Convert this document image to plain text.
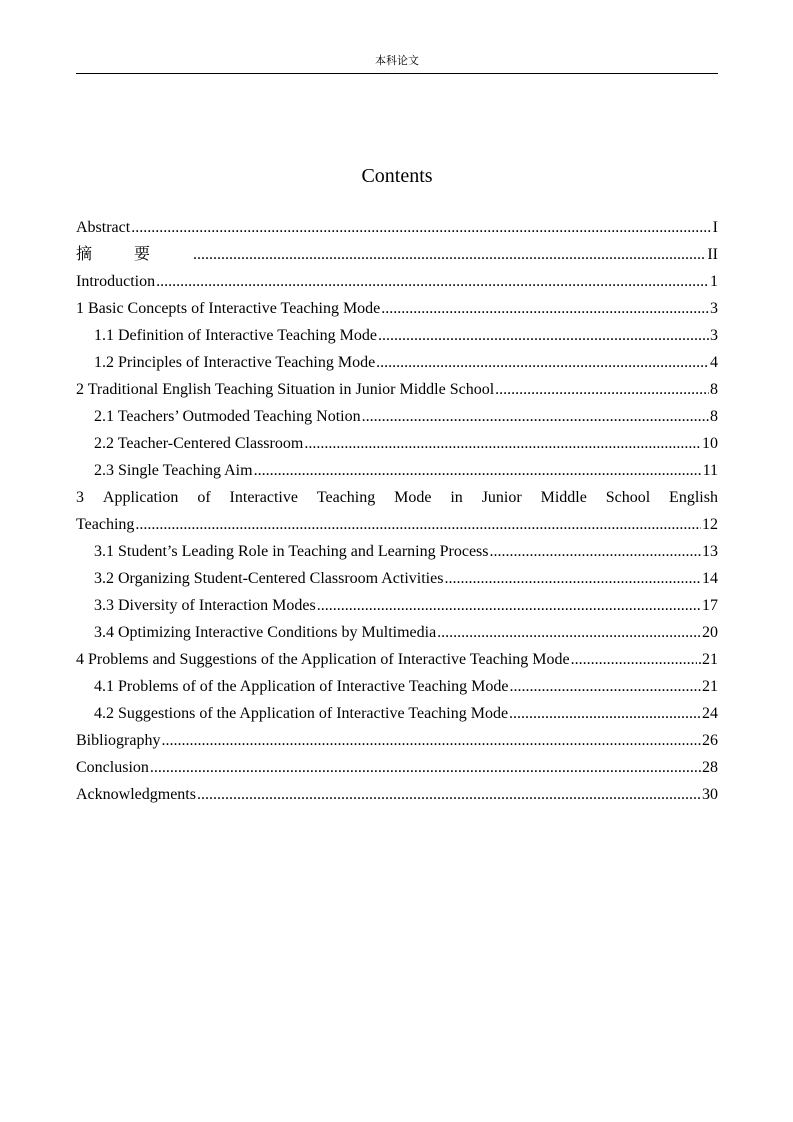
本科论文
Contents
Abstract .....	I
摘要 .....	II
Introduction .....	1
1 Basic Concepts of Interactive Teaching Mode .....	3
1.1 Definition of Interactive Teaching Mode .....	3
1.2 Principles of Interactive Teaching Mode .....	4
2 Traditional English Teaching Situation in Junior Middle School .....	8
2.1 Teachers’ Outmoded Teaching Notion .....	8
2.2 Teacher-Centered Classroom .....	10
2.3 Single Teaching Aim .....	11
3 Application of Interactive Teaching Mode in Junior Middle School English
Teaching .....	12
3.1 Student’s Leading Role in Teaching and Learning Process .....	13
3.2 Organizing Student-Centered Classroom Activities .....	14
3.3 Diversity of Interaction Modes .....	17
3.4 Optimizing Interactive Conditions by Multimedia .....	20
4 Problems and Suggestions of the Application of Interactive Teaching Mode .....	.21
4.1 Problems of of the Application of Interactive Teaching Mode .....	21
4.2 Suggestions of the Application of Interactive Teaching Mode .....	24
Bibliography .....	26
Conclusion .....	28
Acknowledgments .....	30
